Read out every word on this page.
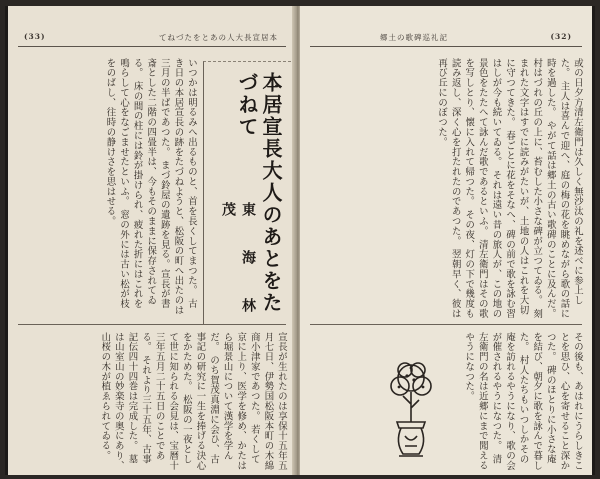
(33)	てねづたをとあの人大長宣居本
いつかは明るみへ出るものと、首を長くしてまつた。 古き日の本居宣長の跡をたづねようと、松阪の町へ出たのは三月の半ばであつた。 まづ鈴屋の遺跡を見る。宣長が書斎とした二階の四畳半は、今もそのままに保存されてゐる。 床の間の柱には鈴が掛けられ、疲れた折にはこれを鳴らして心をなごませたといふ。 窓の外には古い松が枝をのばし、往時の静けさを思はせる。	本居宣長大人のあとをたづねて
東　海　林　茂
宣長が生れたのは享保十五年五月七日、伊勢国松阪本町の木綿商小津家であつた。 若くして京に上り、医学を修め、かたはら堀景山について漢学を学んだ。 のち賀茂真淵に会ひ、古事記の研究に一生を捧げる決心をかためた。 松阪の一夜として世に知られる会見は、宝暦十三年五月二十五日のことである。 それより三十五年、古事記伝四十四巻は完成した。 墓は山室山の妙楽寺の奥にあり、山桜の木が植ゑられてゐる。
郷土の歌碑巡礼記	(32)
或の日夕方清左衛門は久しく無沙汰の礼を述べに参上した。 主人は喜んで迎へ、庭の梅の花を眺めながら歌の話に時を過した。 やがて話は郷土の古い歌碑のことに及んだ。 村はづれの丘の上に、苔むした小さな碑が立つてゐる。 刻まれた文字はすでに読みがたいが、土地の人はこれを大切に守つてきた。 春ごとに花をそなへ、碑の前で歌を詠む習はしが今も続いてゐる。 それは遠い昔の旅人が、この地の景色をたたへて詠んだ歌であるといふ。 清左衛門はその歌を写しとり、懐に入れて帰つた。 その夜、灯の下で幾度も読み返し、深く心を打たれたのであつた。 翌朝早く、彼は再び丘にのぼつた。
その後も、あはれにうらしきことを思ひ、心を寄せること深かつた。 碑のほとりに小さな庵を結び、朝夕に歌を詠んで暮した。 村人たちもいつしかその庵を訪れるやうになり、歌の会が催されるやうになつた。 清左衛門の名は近郷にまで聞えるやうになつた。
